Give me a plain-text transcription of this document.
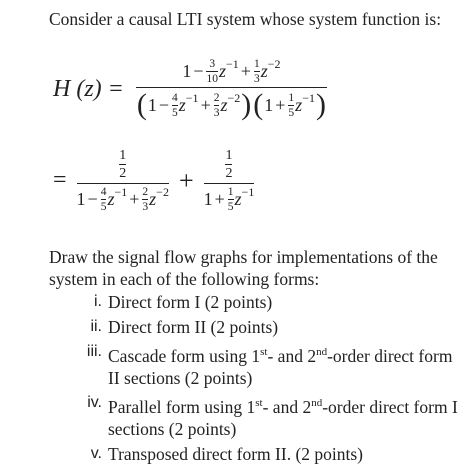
Consider a causal LTI system whose system function is:
H (z) =
1 − 3
10 z −1 + 1
3 z −2
( 1 − 4
5 z −1 + 2
3 z −2 ) ( 1 + 1
5 z −1 )
=
1
2
1 − 4
5 z −1 + 2
3 z −2 +
1
2
1 + 1
5 z −1
Draw the signal flow graphs for implementations of the system in each of the following forms:
i. Direct form I (2 points)
ii. Direct form II (2 points)
iii. Cascade form using 1st- and 2nd-order direct form II sections (2 points)
iv. Parallel form using 1st- and 2nd-order direct form I sections (2 points)
v. Transposed direct form II. (2 points)
